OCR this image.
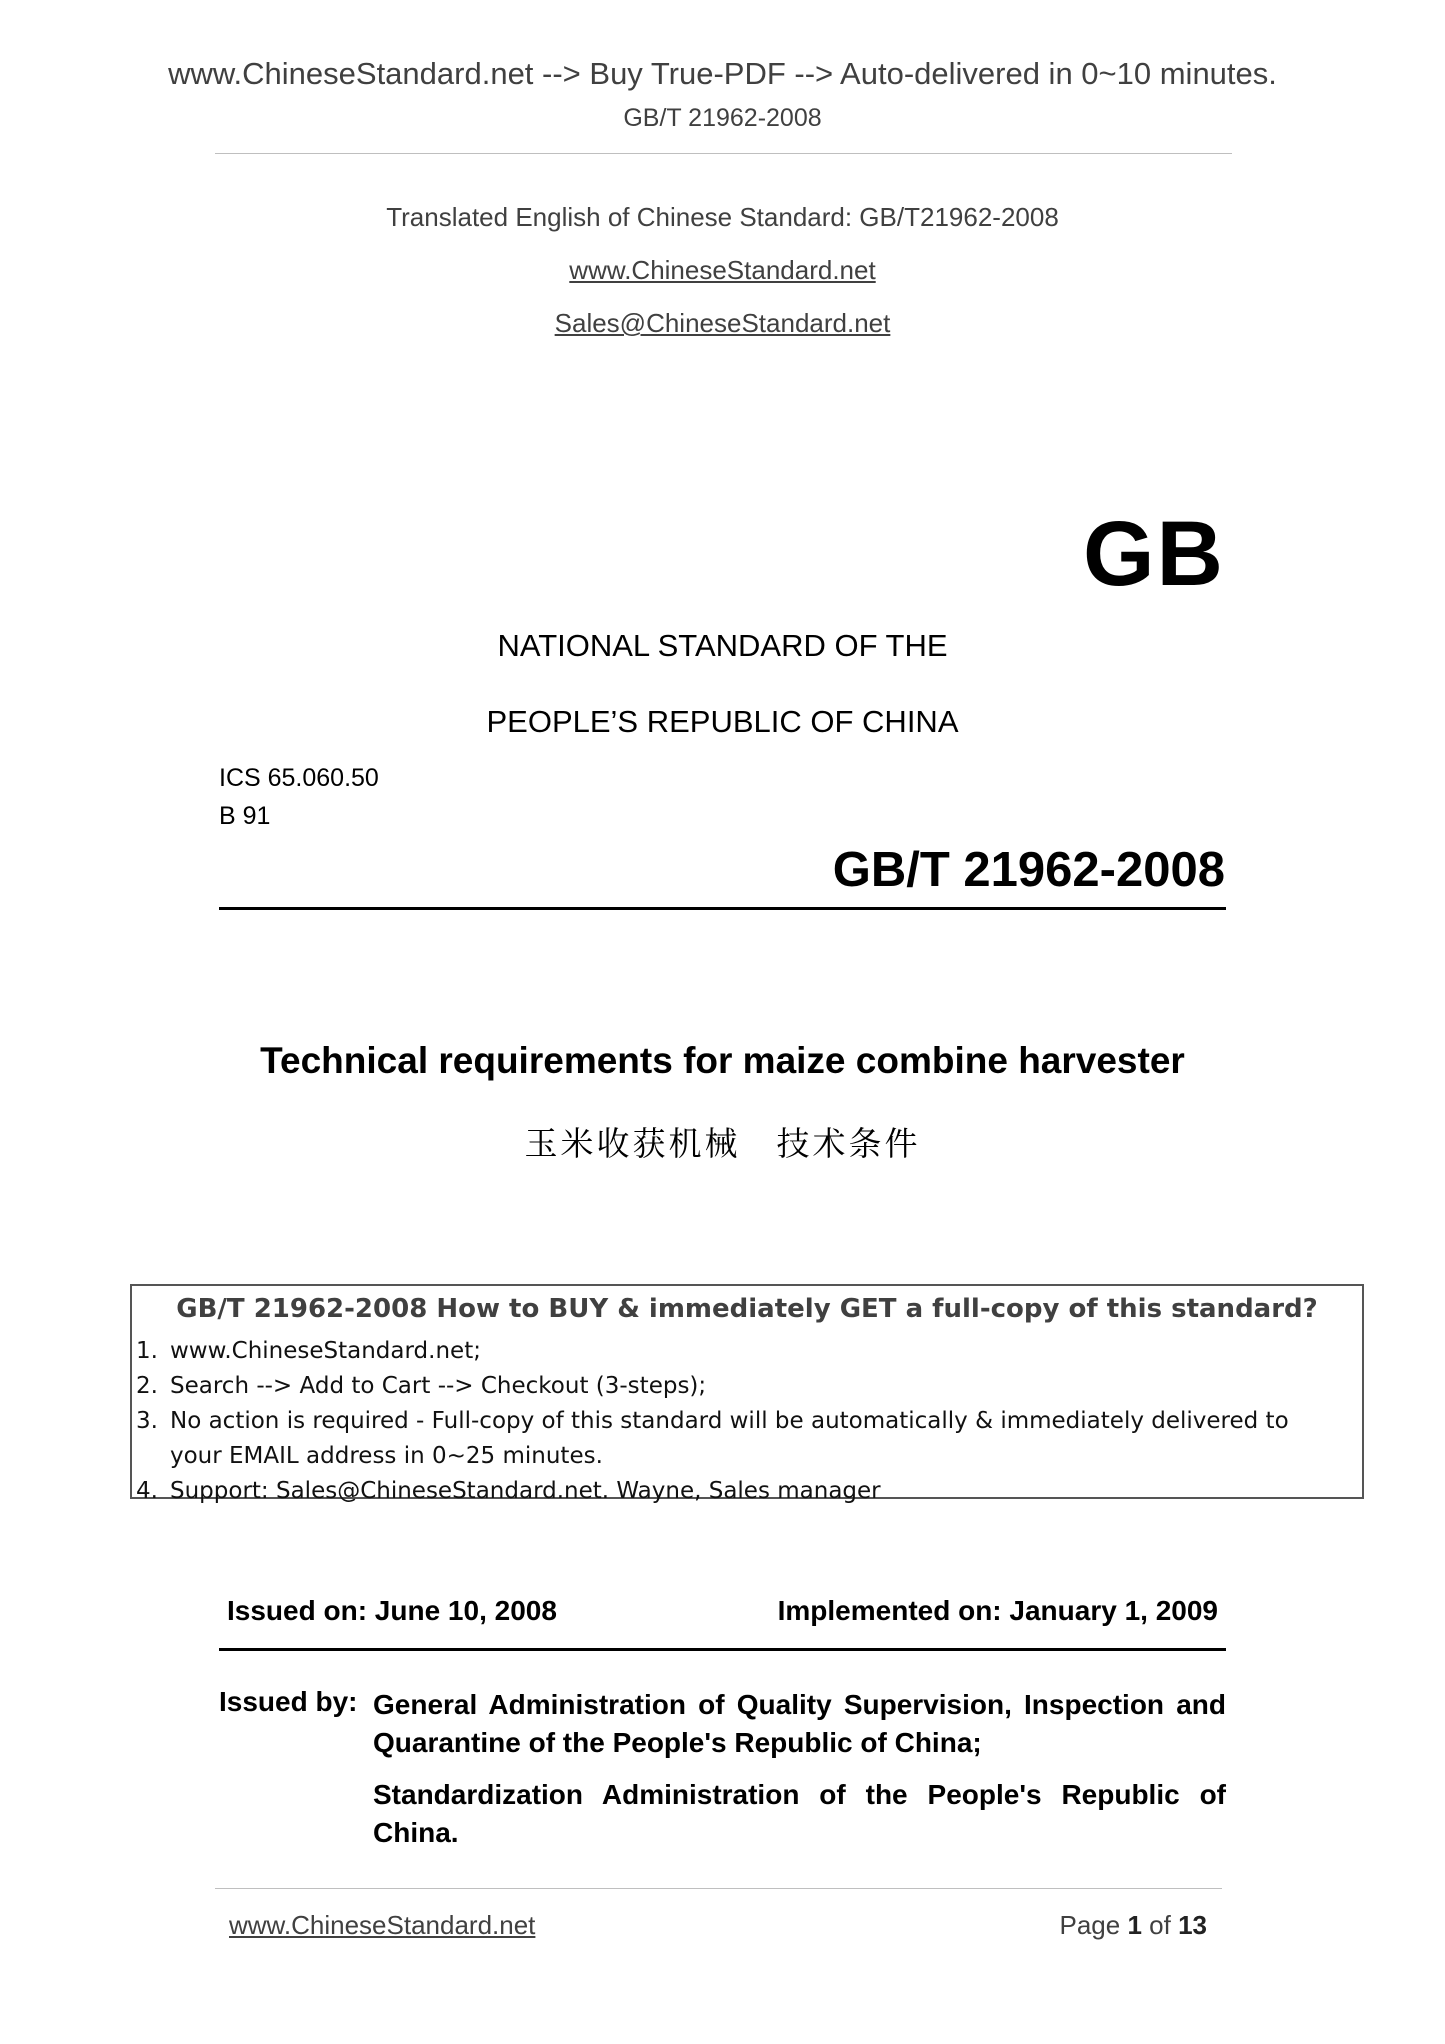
www.ChineseStandard.net --> Buy True-PDF --> Auto-delivered in 0~10 minutes.
GB/T 21962-2008
Translated English of Chinese Standard: GB/T21962-2008
www.ChineseStandard.net
Sales@ChineseStandard.net
GB
NATIONAL STANDARD OF THE
PEOPLE’S REPUBLIC OF CHINA
ICS 65.060.50
B 91
GB/T 21962-2008
Technical requirements for maize combine harvester
玉米收获机械　技术条件
GB/T 21962-2008 How to BUY & immediately GET a full-copy of this standard?
1. www.ChineseStandard.net;
2. Search --> Add to Cart --> Checkout (3-steps);
3. No action is required - Full-copy of this standard will be automatically & immediately delivered to
your EMAIL address in 0~25 minutes.
4. Support: Sales@ChineseStandard.net. Wayne, Sales manager
Issued on: June 10, 2008	Implemented on: January 1, 2009
Issued by: General Administration of Quality Supervision, Inspection and Quarantine of the People's Republic of China;

Standardization Administration of the People's Republic of China.

www.ChineseStandard.net	Page 1 of 13
